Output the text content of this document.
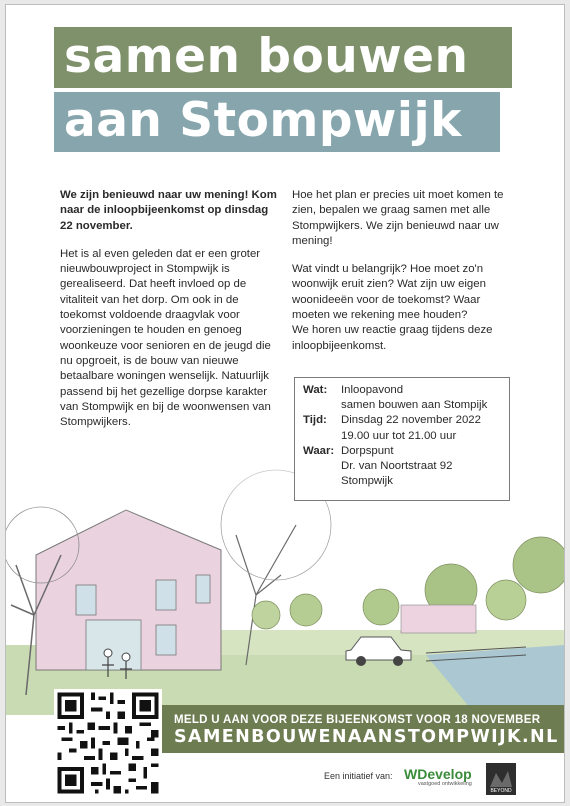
samen bouwen
aan Stompwijk

We zijn benieuwd naar uw mening! Kom naar de inloopbijeenkomst op dinsdag 22 november.

Het is al even geleden dat er een groter nieuwbouwproject in Stompwijk is gerealiseerd. Dat heeft invloed op de vitaliteit van het dorp. Om ook in de toekomst voldoende draagvlak voor voorzieningen te houden en genoeg woonkeuze voor senioren en de jeugd die nu opgroeit, is de bouw van nieuwe betaalbare woningen wenselijk. Natuurlijk passend bij het gezellige dorpse karakter van Stompwijk en bij de woonwensen van Stompwijkers.

Hoe het plan er precies uit moet komen te zien, bepalen we graag samen met alle Stompwijkers. We zijn benieuwd naar uw mening!

Wat vindt u belangrijk? Hoe moet zo'n woonwijk eruit zien? Wat zijn uw eigen woonideeën voor de toekomst? Waar moeten we rekening mee houden?

We horen uw reactie graag tijdens deze inloopbijeenkomst.

Wat:	Inloopavond
samen bouwen aan Stompijk
Tijd:	Dinsdag 22 november 2022
19.00 uur tot 21.00 uur
Waar: Dorpspunt
Dr. van Noortstraat 92
Stompwijk
MELD U AAN VOOR DEZE BIJEENKOMST VOOR 18 NOVEMBER
SAMENBOUWENAANSTOMPWIJK.NL
Een initiatief van: WDevelop
vastgoed ontwikkeling
BEYOND
